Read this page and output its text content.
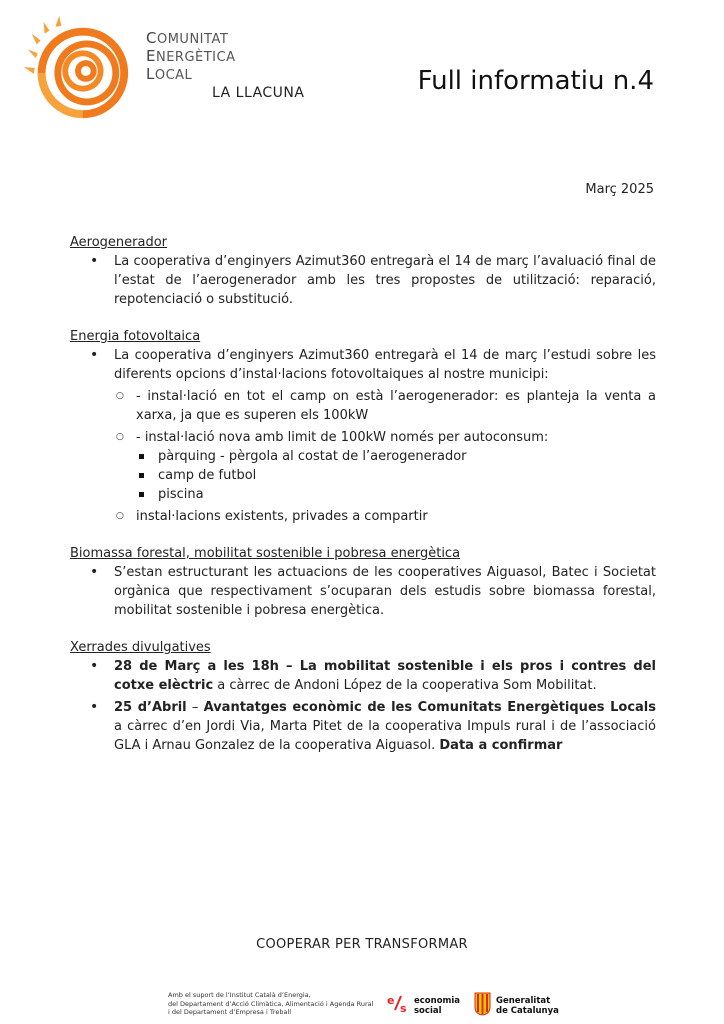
COMUNITAT
ENERGÈTICA
LOCAL
LA LLACUNA	Full informatiu n.4
Març 2025

Aerogenerador

• La cooperativa d’enginyers Azimut360 entregarà el 14 de març l’avaluació final de l’estat de l’aerogenerador amb les tres propostes de utilització: reparació, repotenciació o substitució.

Energia fotovoltaica

• La cooperativa d’enginyers Azimut360 entregarà el 14 de març l’estudi sobre les diferents opcions d’instal·lacions fotovoltaiques al nostre municipi:
○ - instal·lació en tot el camp on està l’aerogenerador: es planteja la venta a xarxa, ja que es superen els 100kW
○ - instal·lació nova amb limit de 100kW només per autoconsum:
pàrquing - pèrgola al costat de l’aerogenerador
camp de futbol
piscina
○ instal·lacions existents, privades a compartir

Biomassa forestal, mobilitat sostenible i pobresa energètica

• S’estan estructurant les actuacions de les cooperatives Aiguasol, Batec i Societat orgànica que respectivament s’ocuparan dels estudis sobre biomassa forestal, mobilitat sostenible i pobresa energètica.

Xerrades divulgatives

• 28 de Març a les 18h – La mobilitat sostenible i els pros i contres del cotxe elèctric a càrrec de Andoni López de la cooperativa Som Mobilitat.
• 25 d’Abril – Avantatges econòmic de les Comunitats Energètiques Locals a càrrec d’en Jordi Via, Marta Pitet de la cooperativa Impuls rural i de l’associació GLA i Arnau Gonzalez de la cooperativa Aiguasol. Data a confirmar
COOPERAR PER TRANSFORMAR
Amb el suport de l’Institut Català d’Energia,
del Departament d’Acció Climàtica, Alimentació i Agenda Rural
i del Departament d’Empresa i Treball
e
s
economia
social
Generalitat
de Catalunya
